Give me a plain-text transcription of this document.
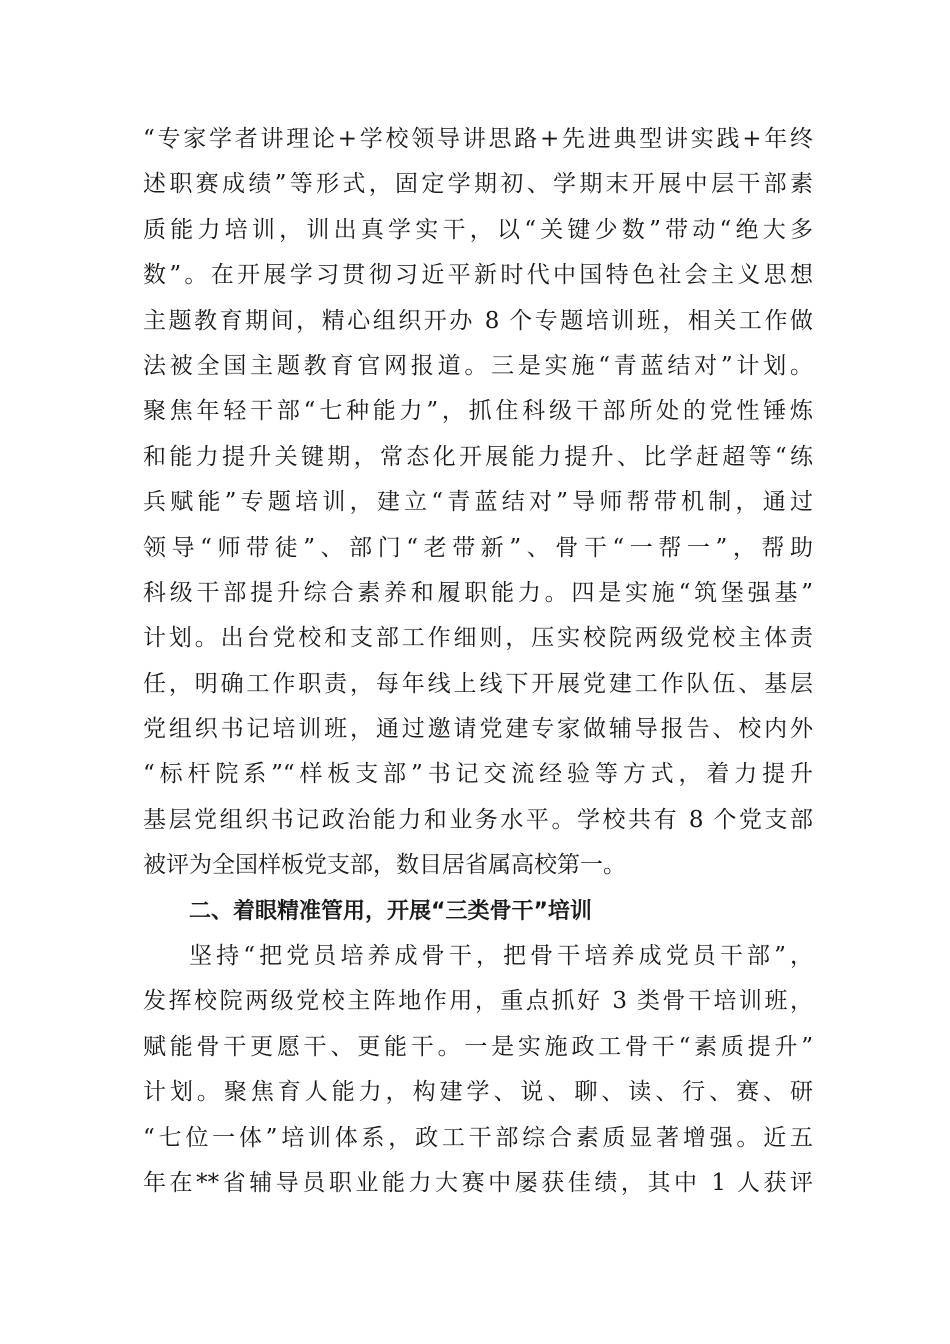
“专家学者讲理论+学校领导讲思路+先进典型讲实践+年终
述职赛成绩”等形式，固定学期初、学期末开展中层干部素
质能力培训，训出真学实干，以“关键少数”带动“绝大多
数”。在开展学习贯彻习近平新时代中国特色社会主义思想
主题教育期间，精心组织开办 8 个专题培训班，相关工作做
法被全国主题教育官网报道。三是实施“青蓝结对”计划。
聚焦年轻干部“七种能力”，抓住科级干部所处的党性锤炼
和能力提升关键期，常态化开展能力提升、比学赶超等“练
兵赋能”专题培训，建立“青蓝结对”导师帮带机制，通过
领导“师带徒”、部门“老带新”、骨干“一帮一”，帮助
科级干部提升综合素养和履职能力。四是实施“筑堡强基”
计划。出台党校和支部工作细则，压实校院两级党校主体责
任，明确工作职责，每年线上线下开展党建工作队伍、基层
党组织书记培训班，通过邀请党建专家做辅导报告、校内外
“标杆院系”“样板支部”书记交流经验等方式，着力提升
基层党组织书记政治能力和业务水平。学校共有 8 个党支部
被评为全国样板党支部，数目居省属高校第一。
二、着眼精准管用，开展“三类骨干”培训
坚持“把党员培养成骨干，把骨干培养成党员干部”，
发挥校院两级党校主阵地作用，重点抓好 3 类骨干培训班，
赋能骨干更愿干、更能干。一是实施政工骨干“素质提升”
计划。聚焦育人能力，构建学、说、聊、读、行、赛、研
“七位一体”培训体系，政工干部综合素质显著增强。近五
年在**省辅导员职业能力大赛中屡获佳绩，其中 1 人获评
